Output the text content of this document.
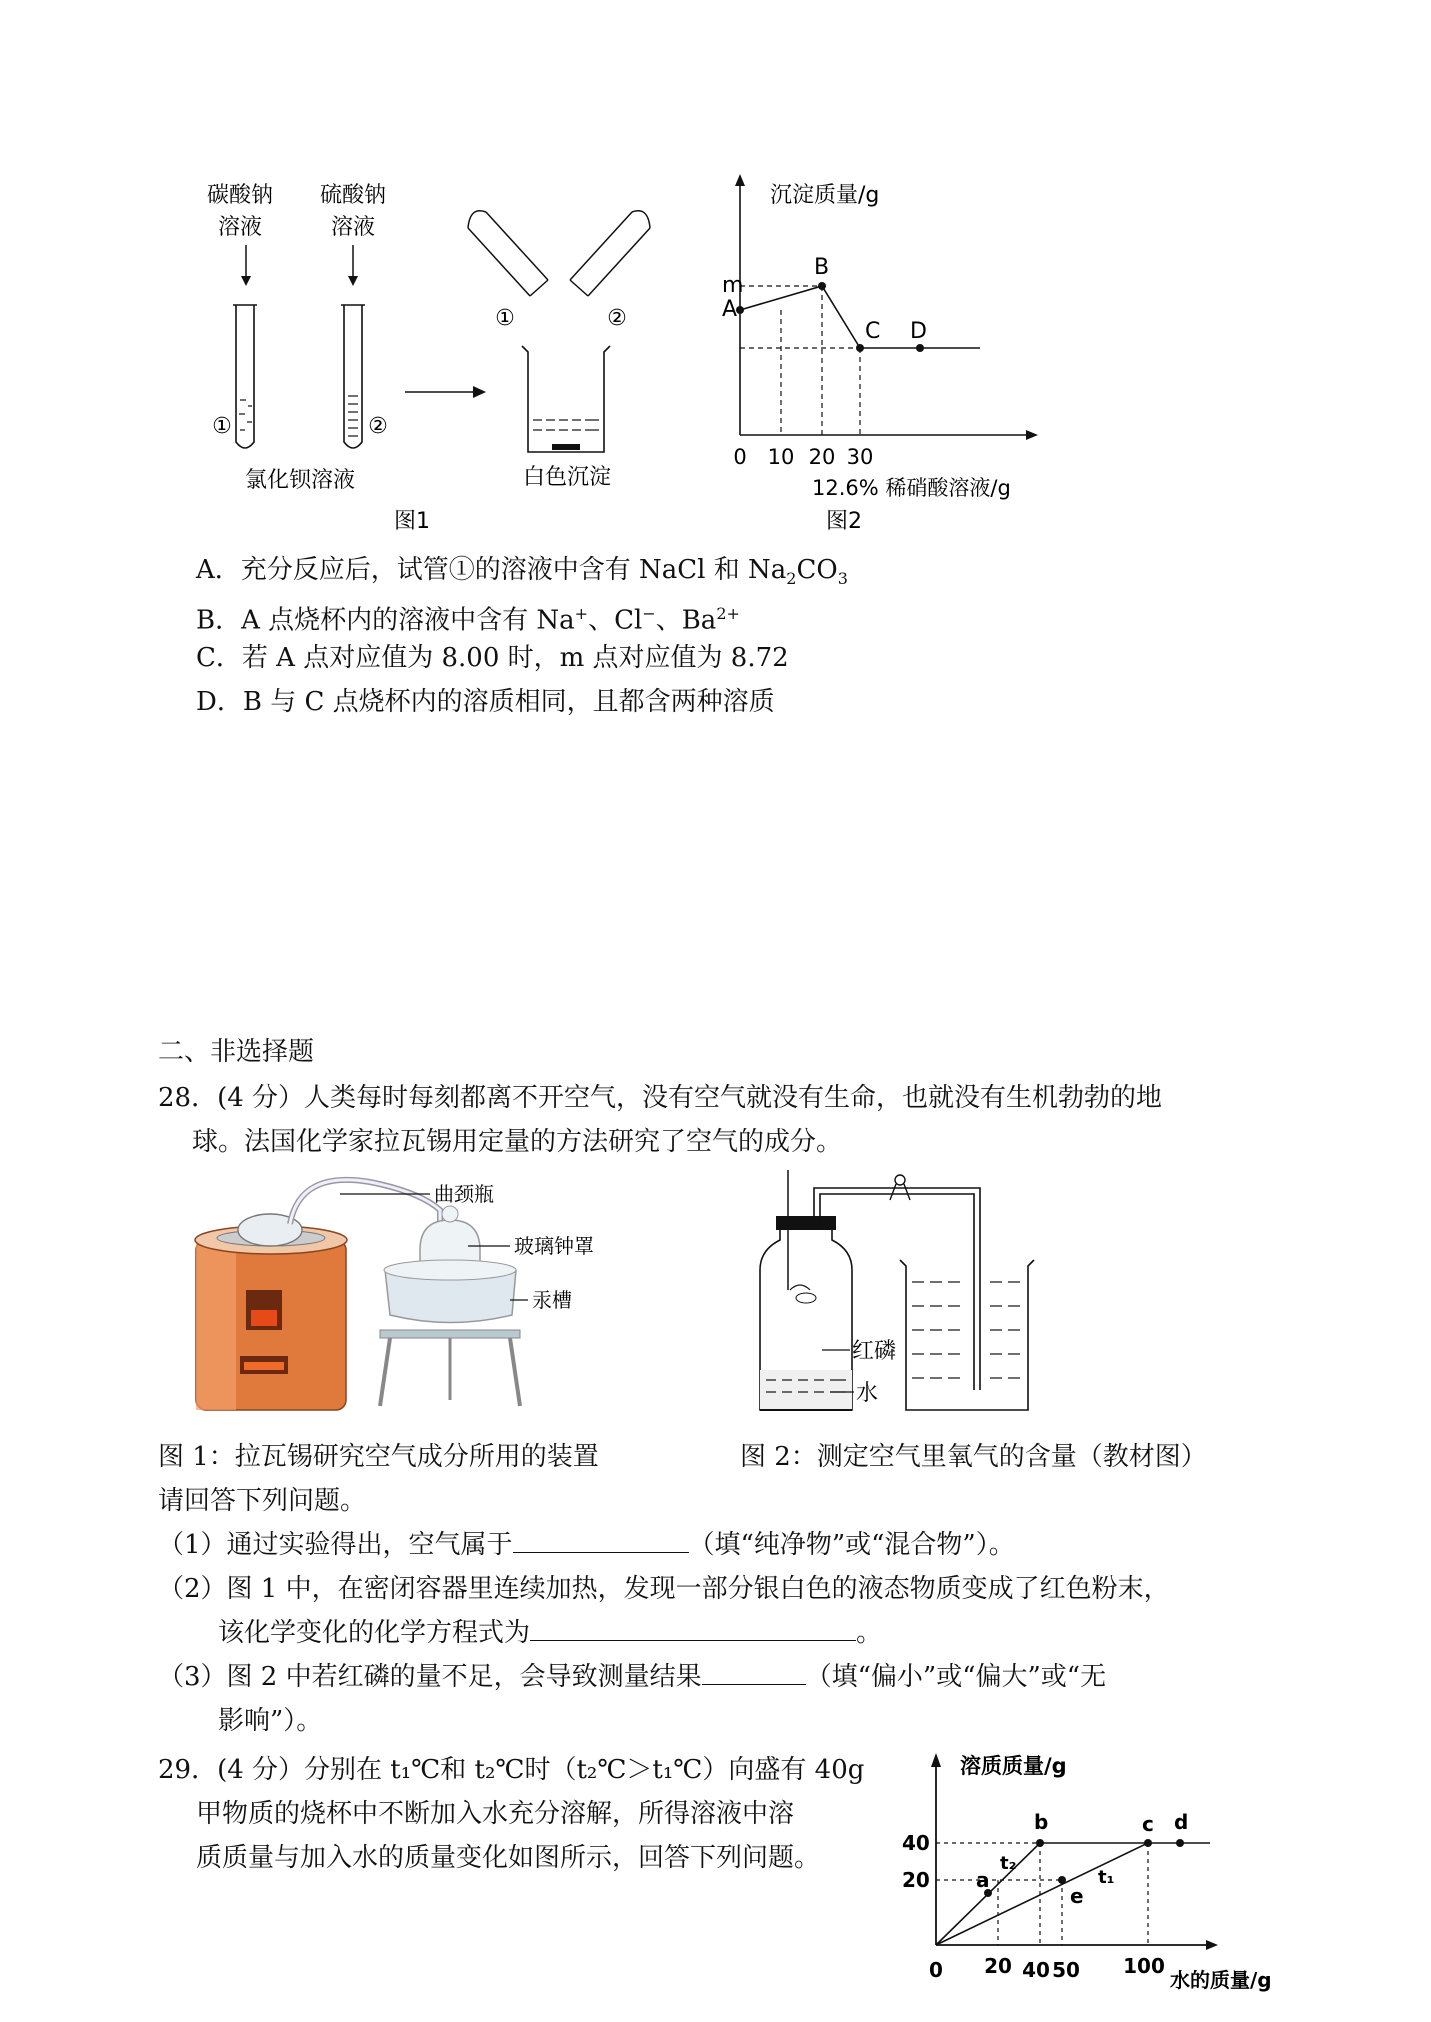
碳酸钠
溶液
硫酸钠
溶液
①	②
氯化钡溶液
①	②
白色沉淀
图1
沉淀质量/g
m
A
B
C D
0 10 20 30
12.6% 稀硝酸溶液/g
图2
A．充分反应后，试管①的溶液中含有 NaCl 和 $Na_2CO_3$
B．A 点烧杯内的溶液中含有 Na+、Cl−、$Ba^{2+}$
C．若 A 点对应值为 8.00 时，m 点对应值为 8.72
D．B 与 C 点烧杯内的溶质相同，且都含两种溶质
二、非选择题
28．(4 分）人类每时每刻都离不开空气，没有空气就没有生命，也就没有生机勃勃的地
球。法国化学家拉瓦锡用定量的方法研究了空气的成分。
曲颈瓶
玻璃钟罩
汞槽
红磷
水
图 1：拉瓦锡研究空气成分所用的装置	图 2：测定空气里氧气的含量（教材图）
请回答下列问题。
（1）通过实验得出，空气属于	（填“纯净物”或“混合物”）。
（2）图 1 中，在密闭容器里连续加热，发现一部分银白色的液态物质变成了红色粉末，
该化学变化的化学方程式为	。
（3）图 2 中若红磷的量不足，会导致测量结果	（填“偏小”或“偏大”或“无
影响”）。
29．(4 分）分别在 t₁℃和 t₂℃时（t₂℃＞t₁℃）向盛有 40g
甲物质的烧杯中不断加入水充分溶解，所得溶液中溶
质质量与加入水的质量变化如图所示，回答下列问题。
溶质质量/g
a
b	c d
e
t₂
t₁
40
20
0 20 40 50 100
水的质量/g
